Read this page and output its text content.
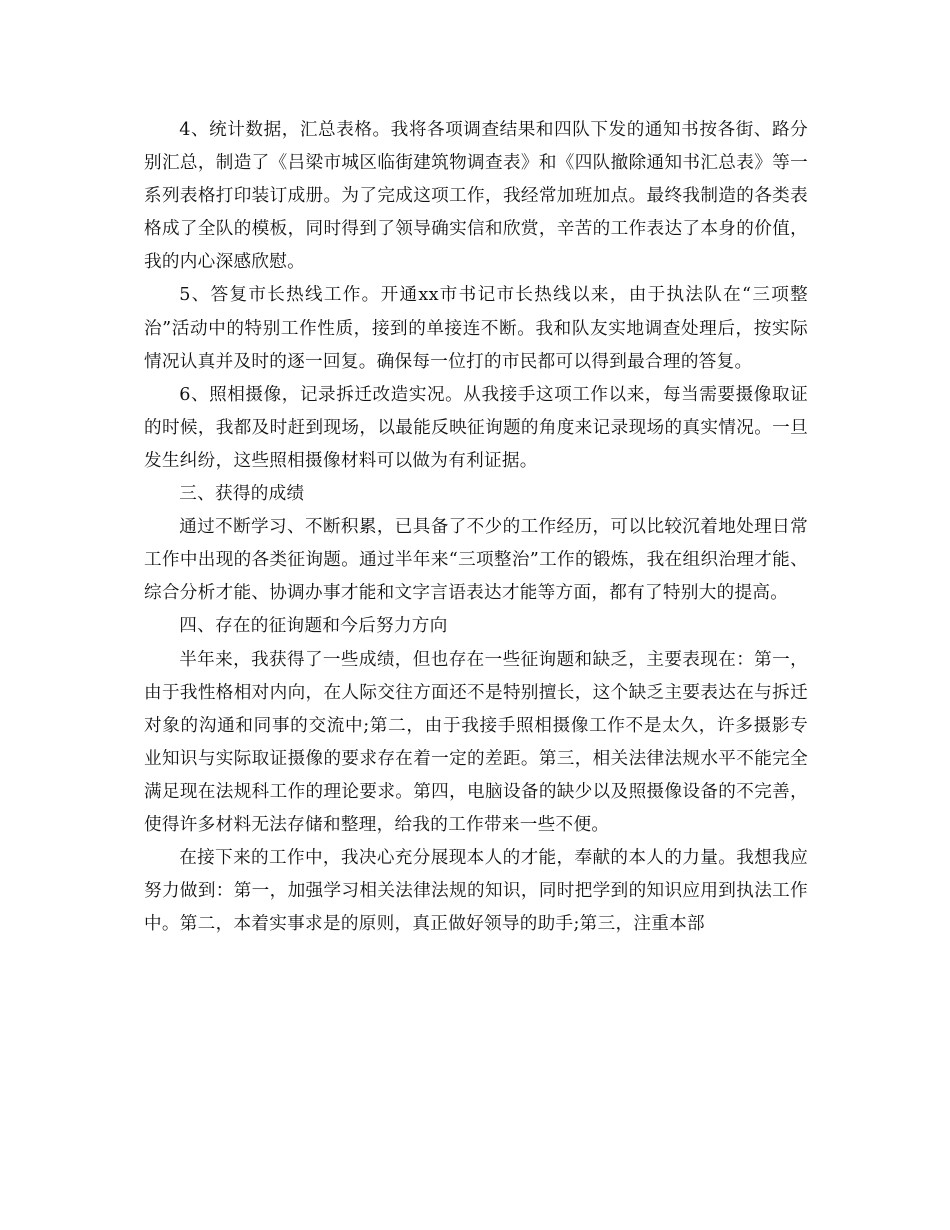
4、统计数据，汇总表格。我将各项调查结果和四队下发的通知书按各街、路分别汇总，制造了《吕梁市城区临街建筑物调查表》和《四队撤除通知书汇总表》等一系列表格打印装订成册。为了完成这项工作，我经常加班加点。最终我制造的各类表格成了全队的模板，同时得到了领导确实信和欣赏，辛苦的工作表达了本身的价值，我的内心深感欣慰。

5、答复市长热线工作。开通xx市书记市长热线以来，由于执法队在“三项整治”活动中的特别工作性质，接到的单接连不断。我和队友实地调查处理后，按实际情况认真并及时的逐一回复。确保每一位打的市民都可以得到最合理的答复。

6、照相摄像，记录拆迁改造实况。从我接手这项工作以来，每当需要摄像取证的时候，我都及时赶到现场，以最能反映征询题的角度来记录现场的真实情况。一旦发生纠纷，这些照相摄像材料可以做为有利证据。

三、获得的成绩

通过不断学习、不断积累，已具备了不少的工作经历，可以比较沉着地处理日常工作中出现的各类征询题。通过半年来“三项整治”工作的锻炼，我在组织治理才能、综合分析才能、协调办事才能和文字言语表达才能等方面，都有了特别大的提高。

四、存在的征询题和今后努力方向

半年来，我获得了一些成绩，但也存在一些征询题和缺乏，主要表现在：第一，由于我性格相对内向，在人际交往方面还不是特别擅长，这个缺乏主要表达在与拆迁对象的沟通和同事的交流中;第二，由于我接手照相摄像工作不是太久，许多摄影专业知识与实际取证摄像的要求存在着一定的差距。第三，相关法律法规水平不能完全满足现在法规科工作的理论要求。第四，电脑设备的缺少以及照摄像设备的不完善，使得许多材料无法存储和整理，给我的工作带来一些不便。

在接下来的工作中，我决心充分展现本人的才能，奉献的本人的力量。我想我应努力做到：第一，加强学习相关法律法规的知识，同时把学到的知识应用到执法工作中。第二，本着实事求是的原则，真正做好领导的助手;第三，注重本部
